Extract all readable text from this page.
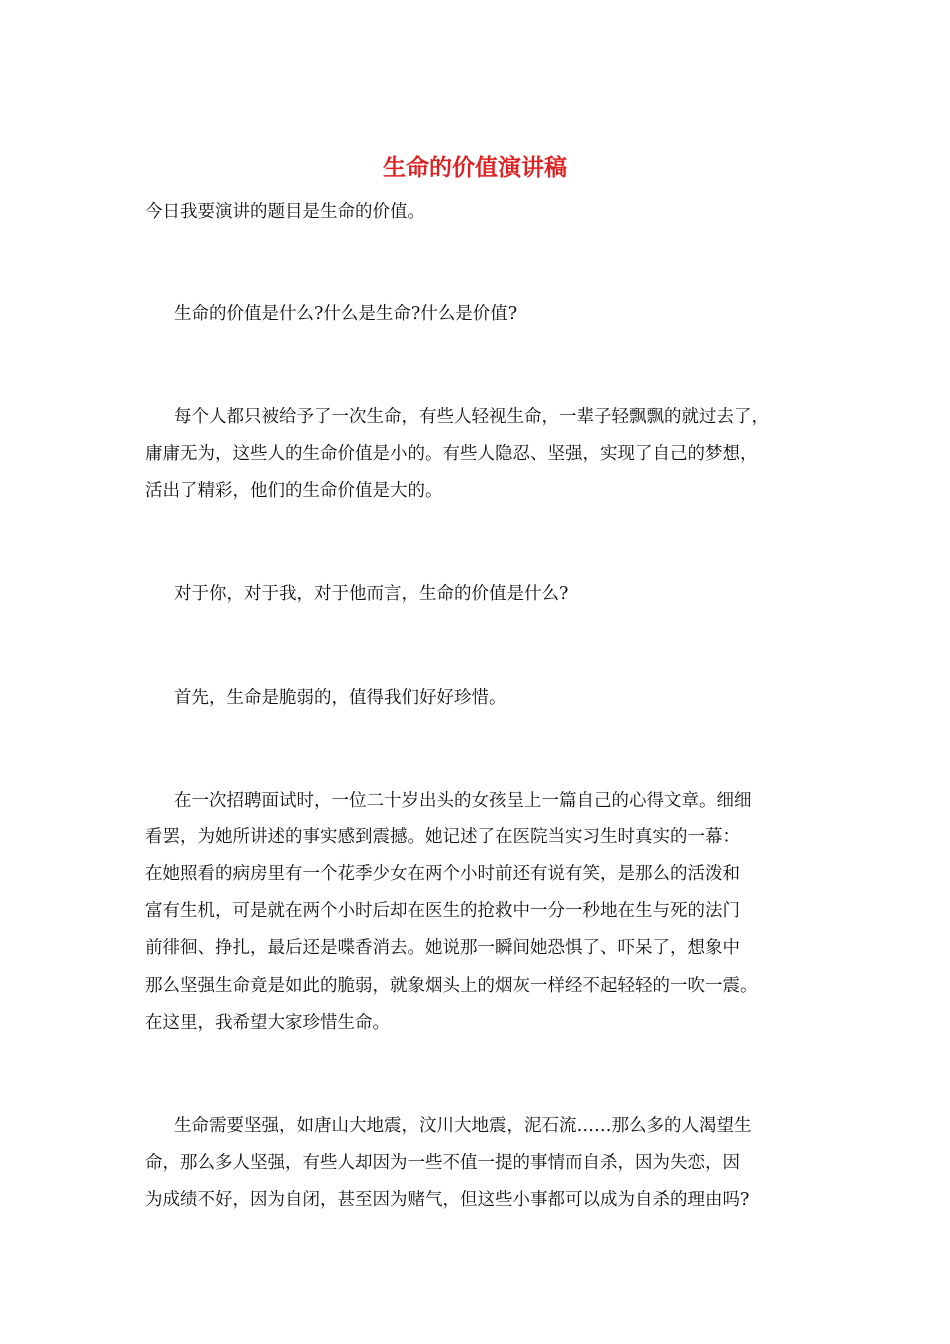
生命的价值演讲稿
今日我要演讲的题目是生命的价值。
生命的价值是什么?什么是生命?什么是价值?
每个人都只被给予了一次生命，有些人轻视生命，一辈子轻飘飘的就过去了，
庸庸无为，这些人的生命价值是小的。有些人隐忍、坚强，实现了自己的梦想，
活出了精彩，他们的生命价值是大的。
对于你，对于我，对于他而言，生命的价值是什么?
首先，生命是脆弱的，值得我们好好珍惜。
在一次招聘面试时，一位二十岁出头的女孩呈上一篇自己的心得文章。细细
看罢，为她所讲述的事实感到震撼。她记述了在医院当实习生时真实的一幕：
在她照看的病房里有一个花季少女在两个小时前还有说有笑，是那么的活泼和
富有生机，可是就在两个小时后却在医生的抢救中一分一秒地在生与死的法门
前徘徊、挣扎，最后还是喋香消去。她说那一瞬间她恐惧了、吓呆了，想象中
那么坚强生命竟是如此的脆弱，就象烟头上的烟灰一样经不起轻轻的一吹一震。
在这里，我希望大家珍惜生命。
生命需要坚强，如唐山大地震，汶川大地震，泥石流……那么多的人渴望生
命，那么多人坚强，有些人却因为一些不值一提的事情而自杀，因为失恋，因
为成绩不好，因为自闭，甚至因为赌气，但这些小事都可以成为自杀的理由吗?
